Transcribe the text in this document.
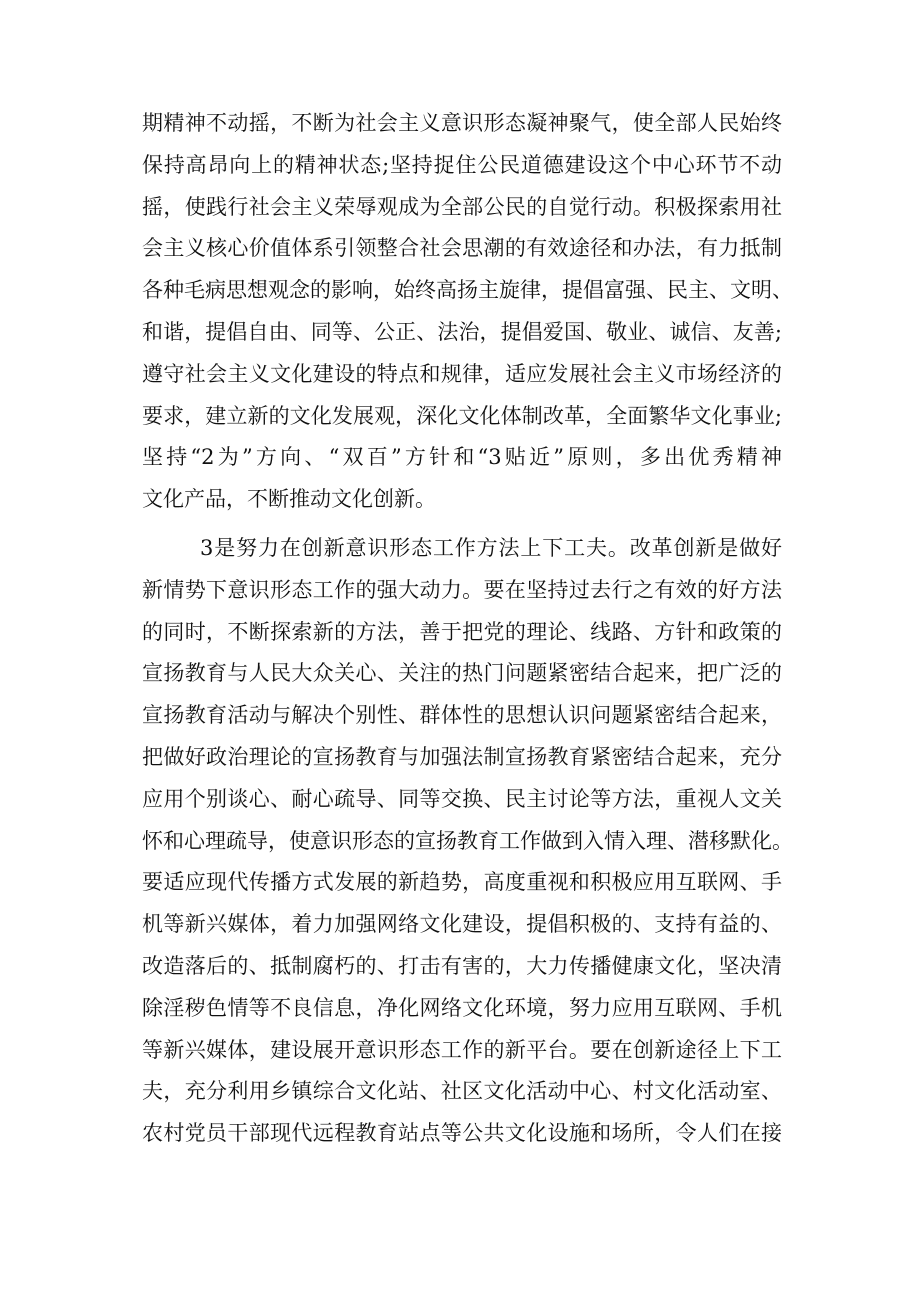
期精神不动摇，不断为社会主义意识形态凝神聚气，使全部人民始终
保持高昂向上的精神状态;坚持捉住公民道德建设这个中心环节不动
摇，使践行社会主义荣辱观成为全部公民的自觉行动。积极探索用社
会主义核心价值体系引领整合社会思潮的有效途径和办法，有力抵制
各种毛病思想观念的影响，始终高扬主旋律，提倡富强、民主、文明、
和谐，提倡自由、同等、公正、法治，提倡爱国、敬业、诚信、友善;
遵守社会主义文化建设的特点和规律，适应发展社会主义市场经济的
要求，建立新的文化发展观，深化文化体制改革，全面繁华文化事业;
坚持“2为”方向、“双百”方针和“3贴近”原则，多出优秀精神
文化产品，不断推动文化创新。
3是努力在创新意识形态工作方法上下工夫。改革创新是做好
新情势下意识形态工作的强大动力。要在坚持过去行之有效的好方法
的同时，不断探索新的方法，善于把党的理论、线路、方针和政策的
宣扬教育与人民大众关心、关注的热门问题紧密结合起来，把广泛的
宣扬教育活动与解决个别性、群体性的思想认识问题紧密结合起来，
把做好政治理论的宣扬教育与加强法制宣扬教育紧密结合起来，充分
应用个别谈心、耐心疏导、同等交换、民主讨论等方法，重视人文关
怀和心理疏导，使意识形态的宣扬教育工作做到入情入理、潜移默化。
要适应现代传播方式发展的新趋势，高度重视和积极应用互联网、手
机等新兴媒体，着力加强网络文化建设，提倡积极的、支持有益的、
改造落后的、抵制腐朽的、打击有害的，大力传播健康文化，坚决清
除淫秽色情等不良信息，净化网络文化环境，努力应用互联网、手机
等新兴媒体，建设展开意识形态工作的新平台。要在创新途径上下工
夫，充分利用乡镇综合文化站、社区文化活动中心、村文化活动室、
农村党员干部现代远程教育站点等公共文化设施和场所，令人们在接
